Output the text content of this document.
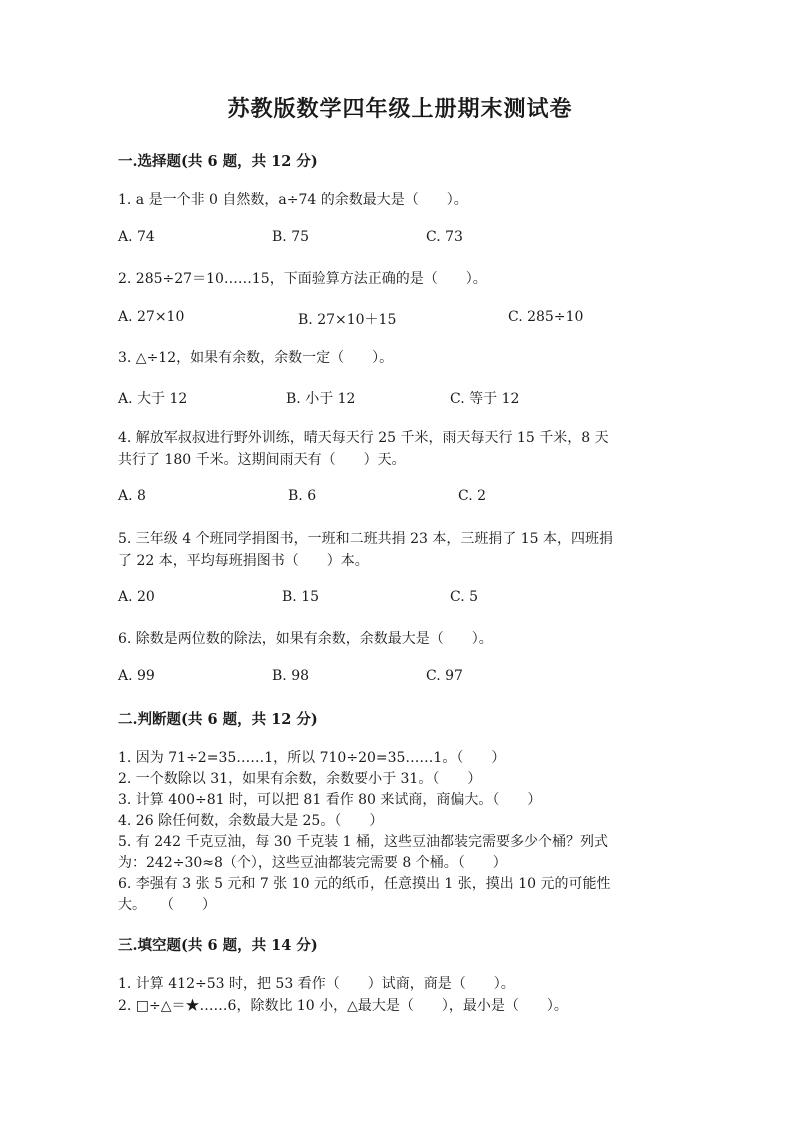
苏教版数学四年级上册期末测试卷
一.选择题(共 6 题，共 12 分)
1. a 是一个非 0 自然数，a÷74 的余数最大是（　　）。
A. 74	B. 75	C. 73
2. 285÷27＝10……15，下面验算方法正确的是（　　）。
A. 27×10	B. 27×10＋15	C. 285÷10
3. △÷12，如果有余数，余数一定（　　）。
A. 大于 12	B. 小于 12	C. 等于 12
4. 解放军叔叔进行野外训练，晴天每天行 25 千米，雨天每天行 15 千米，8 天
共行了 180 千米。这期间雨天有（　　）天。
A. 8	B. 6	C. 2
5. 三年级 4 个班同学捐图书，一班和二班共捐 23 本，三班捐了 15 本，四班捐
了 22 本，平均每班捐图书（　　）本。
A. 20	B. 15	C. 5
6. 除数是两位数的除法，如果有余数，余数最大是（　　）。
A. 99	B. 98	C. 97
二.判断题(共 6 题，共 12 分)
1. 因为 71÷2=35……1，所以 710÷20=35……1。（　　）
2. 一个数除以 31，如果有余数，余数要小于 31。（　　）
3. 计算 400÷81 时，可以把 81 看作 80 来试商，商偏大。（　　）
4. 26 除任何数，余数最大是 25。（　　）
5. 有 242 千克豆油，每 30 千克装 1 桶，这些豆油都装完需要多少个桶？列式
为：242÷30≈8（个），这些豆油都装完需要 8 个桶。（　　）
6. 李强有 3 张 5 元和 7 张 10 元的纸币，任意摸出 1 张，摸出 10 元的可能性
大。　　（　　）
三.填空题(共 6 题，共 14 分)
1. 计算 412÷53 时，把 53 看作（　　）试商，商是（　　）。
2. □÷△＝★……6，除数比 10 小，△最大是（　　），最小是（　　）。
